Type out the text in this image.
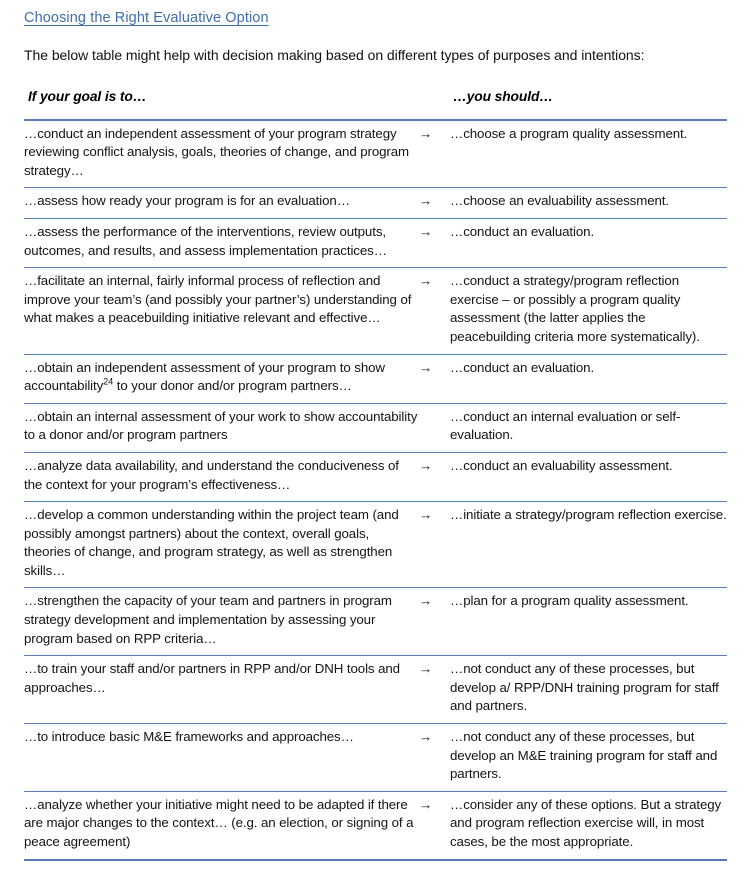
Choosing the Right Evaluative Option
The below table might help with decision making based on different types of purposes and intentions:
If your goal is to…		…you should…
…conduct an independent assessment of your program strategy reviewing conflict analysis, goals, theories of change, and program strategy…	→	…choose a program quality assessment.
…assess how ready your program is for an evaluation…	→	…choose an evaluability assessment.
…assess the performance of the interventions, review outputs, outcomes, and results, and assess implementation practices…	→	…conduct an evaluation.
…facilitate an internal, fairly informal process of reflection and improve your team’s (and possibly your partner’s) understanding of what makes a peacebuilding initiative relevant and effective…	→	…conduct a strategy/program reflection exercise – or possibly a program quality assessment (the latter applies the peacebuilding criteria more systematically).
…obtain an independent assessment of your program to show accountability$^{24}$ to your donor and/or program partners…	→	…conduct an evaluation.
…obtain an internal assessment of your work to show accountability to a donor and/or program partners		…conduct an internal evaluation or self-evaluation.
…analyze data availability, and understand the conduciveness of the context for your program’s effectiveness…	→	…conduct an evaluability assessment.
…develop a common understanding within the project team (and possibly amongst partners) about the context, overall goals, theories of change, and program strategy, as well as strengthen skills…	→	…initiate a strategy/program reflection exercise.
…strengthen the capacity of your team and partners in program strategy development and implementation by assessing your program based on RPP criteria…	→	…plan for a program quality assessment.
…to train your staff and/or partners in RPP and/or DNH tools and approaches…	→	…not conduct any of these processes, but develop a/ RPP/DNH training program for staff and partners.
…to introduce basic M&E frameworks and approaches…	→	…not conduct any of these processes, but develop an M&E training program for staff and partners.
…analyze whether your initiative might need to be adapted if there are major changes to the context… (e.g. an election, or signing of a peace agreement)	→	…consider any of these options. But a strategy and program reflection exercise will, in most cases, be the most appropriate.
